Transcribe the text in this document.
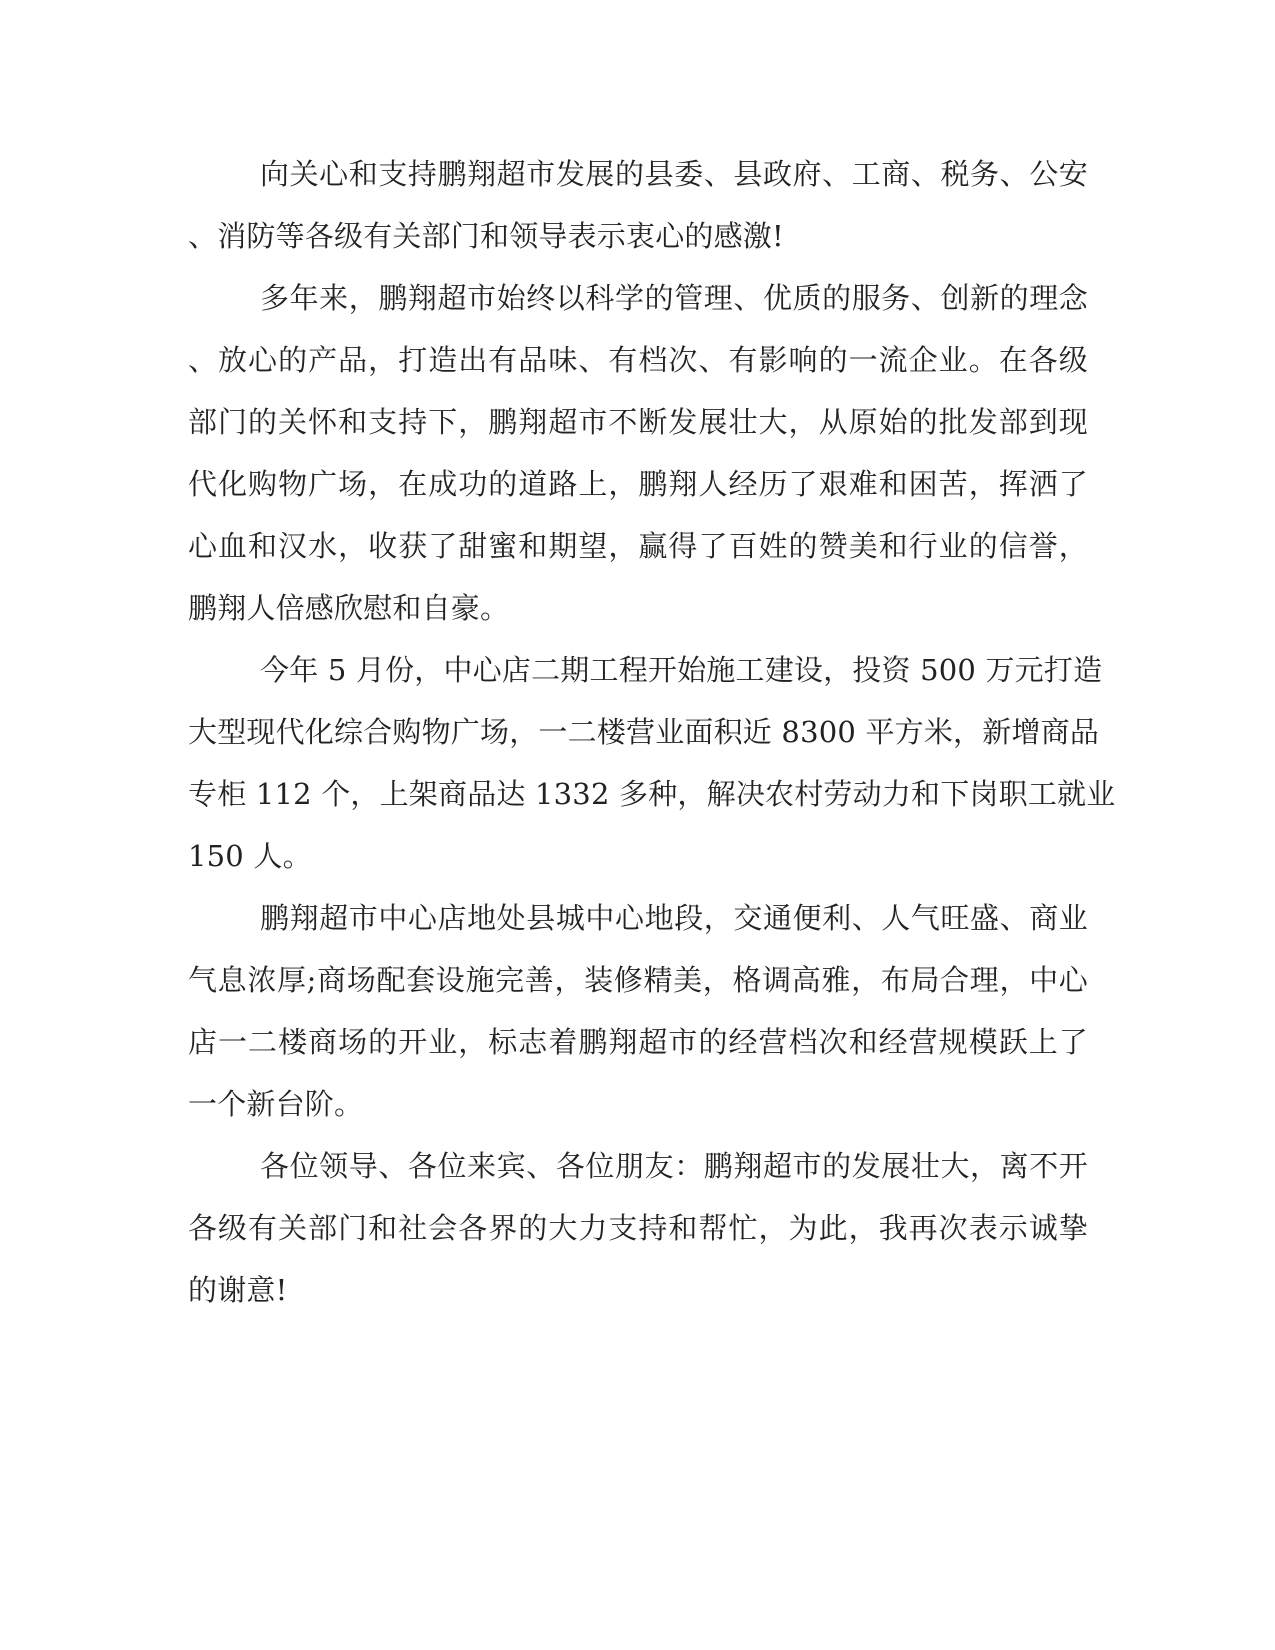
向关心和支持鹏翔超市发展的县委、县政府、工商、税务、公安
、消防等各级有关部门和领导表示衷心的感激!
多年来，鹏翔超市始终以科学的管理、优质的服务、创新的理念
、放心的产品，打造出有品味、有档次、有影响的一流企业。在各级
部门的关怀和支持下，鹏翔超市不断发展壮大，从原始的批发部到现
代化购物广场，在成功的道路上，鹏翔人经历了艰难和困苦，挥洒了
心血和汉水，收获了甜蜜和期望，赢得了百姓的赞美和行业的信誉，
鹏翔人倍感欣慰和自豪。
今年 5 月份，中心店二期工程开始施工建设，投资 500 万元打造
大型现代化综合购物广场，一二楼营业面积近 8300 平方米，新增商品
专柜 112 个，上架商品达 1332 多种，解决农村劳动力和下岗职工就业
150 人。
鹏翔超市中心店地处县城中心地段，交通便利、人气旺盛、商业
气息浓厚;商场配套设施完善，装修精美，格调高雅，布局合理，中心
店一二楼商场的开业，标志着鹏翔超市的经营档次和经营规模跃上了
一个新台阶。
各位领导、各位来宾、各位朋友：鹏翔超市的发展壮大，离不开
各级有关部门和社会各界的大力支持和帮忙，为此，我再次表示诚挚
的谢意!
